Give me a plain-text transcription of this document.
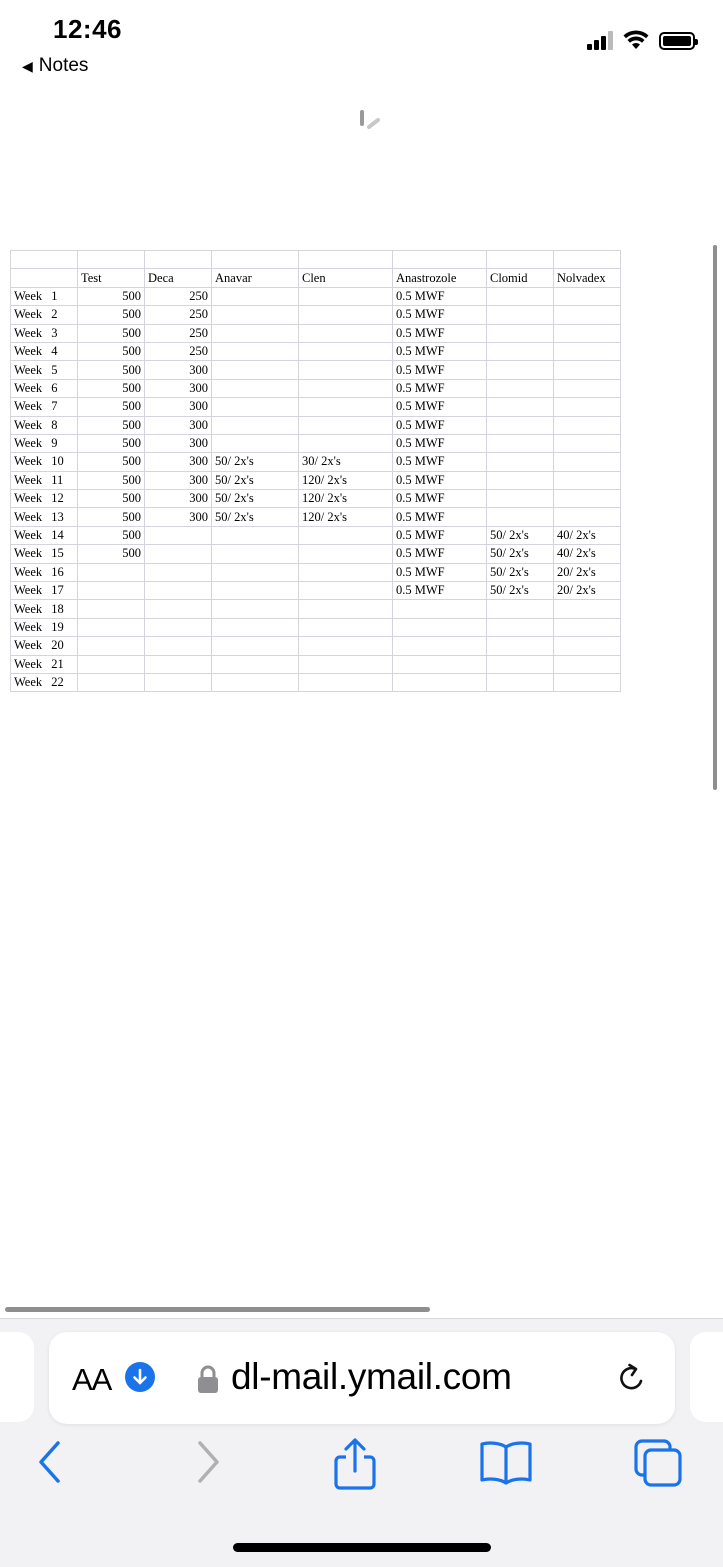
12:46
◀ Notes

	Test	Deca	Anavar	Clen	Anastrozole	Clomid	Nolvadex
Week 1	500	250			0.5 MWF		
Week 2	500	250			0.5 MWF		
Week 3	500	250			0.5 MWF		
Week 4	500	250			0.5 MWF		
Week 5	500	300			0.5 MWF		
Week 6	500	300			0.5 MWF		
Week 7	500	300			0.5 MWF		
Week 8	500	300			0.5 MWF		
Week 9	500	300			0.5 MWF		
Week 10	500	300	50/ 2x's	30/ 2x's	0.5 MWF		
Week 11	500	300	50/ 2x's	120/ 2x's	0.5 MWF		
Week 12	500	300	50/ 2x's	120/ 2x's	0.5 MWF		
Week 13	500	300	50/ 2x's	120/ 2x's	0.5 MWF		
Week 14	500				0.5 MWF	50/ 2x's	40/ 2x's
Week 15	500				0.5 MWF	50/ 2x's	40/ 2x's
Week 16					0.5 MWF	50/ 2x's	20/ 2x's
Week 17					0.5 MWF	50/ 2x's	20/ 2x's
Week 18							
Week 19							
Week 20							
Week 21							
Week 22							
AA	dl-mail.ymail.com
